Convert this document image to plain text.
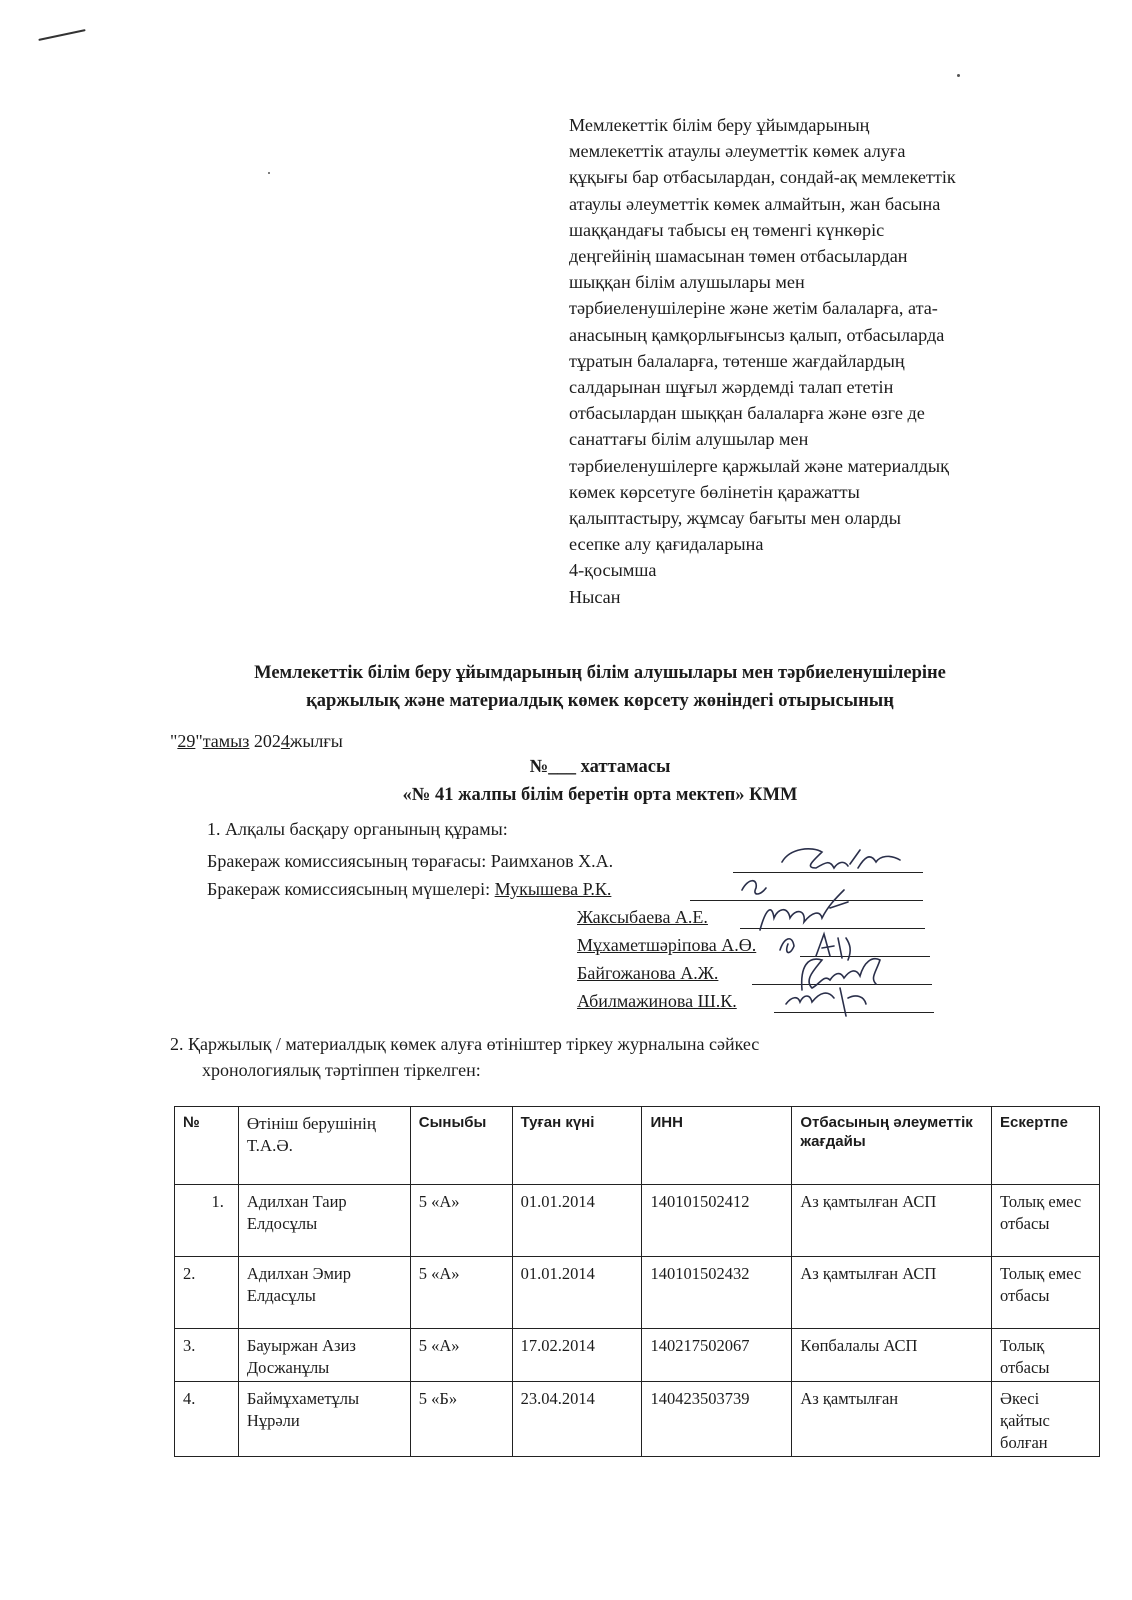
Мемлекеттік білім беру ұйымдарының
мемлекеттік атаулы әлеуметтік көмек алуға
құқығы бар отбасылардан, сондай-ақ мемлекеттік
атаулы әлеуметтік көмек алмайтын, жан басына
шаққандағы табысы ең төменгі күнкөріс
деңгейінің шамасынан төмен отбасылардан
шыққан білім алушылары мен
тәрбиеленушілеріне және жетім балаларға, ата-
анасының қамқорлығынсыз қалып, отбасыларда
тұратын балаларға, төтенше жағдайлардың
салдарынан шұғыл жәрдемді талап ететін
отбасылардан шыққан балаларға және өзге де
санаттағы білім алушылар мен
тәрбиеленушілерге қаржылай және материалдық
көмек көрсетуге бөлінетін қаражатты
қалыптастыру, жұмсау бағыты мен оларды
есепке алу қағидаларына
4-қосымша
Нысан
Мемлекеттік білім беру ұйымдарының білім алушылары мен тәрбиеленушілеріне
қаржылық және материалдық көмек көрсету жөніндегі отырысының
"29"тамыз 2024жылғы
№___ хаттамасы
«№ 41 жалпы білім беретін орта мектеп» КММ
1. Алқалы басқару органының құрамы:
Бракераж комиссиясының төрағасы: Раимханов Х.А.
Бракераж комиссиясының мүшелері: Мукышева Р.К.
Жаксыбаева А.Е.
Мұхаметшәріпова А.Ө.
Байгожанова А.Ж.
Абилмажинова Ш.К.
2. Қаржылық / материалдық көмек алуға өтініштер тіркеу журналына сәйкес
хронологиялық тәртіппен тіркелген:
№	Өтініш берушінің Т.А.Ә.	Сыныбы	Туған күні	ИНН	Отбасының әлеуметтік жағдайы	Ескертпе
1.	Адилхан Таир Елдосұлы	5 «А»	01.01.2014	140101502412	Аз қамтылған АСП	Толық емес отбасы
2.	Адилхан Эмир Елдасұлы	5 «А»	01.01.2014	140101502432	Аз қамтылған АСП	Толық емес отбасы
3.	Бауыржан Азиз Досжанұлы	5 «А»	17.02.2014	140217502067	Көпбалалы АСП	Толық отбасы
4.	Баймұхаметұлы Нұрәли	5 «Б»	23.04.2014	140423503739	Аз қамтылған	Әкесі қайтыс болған
